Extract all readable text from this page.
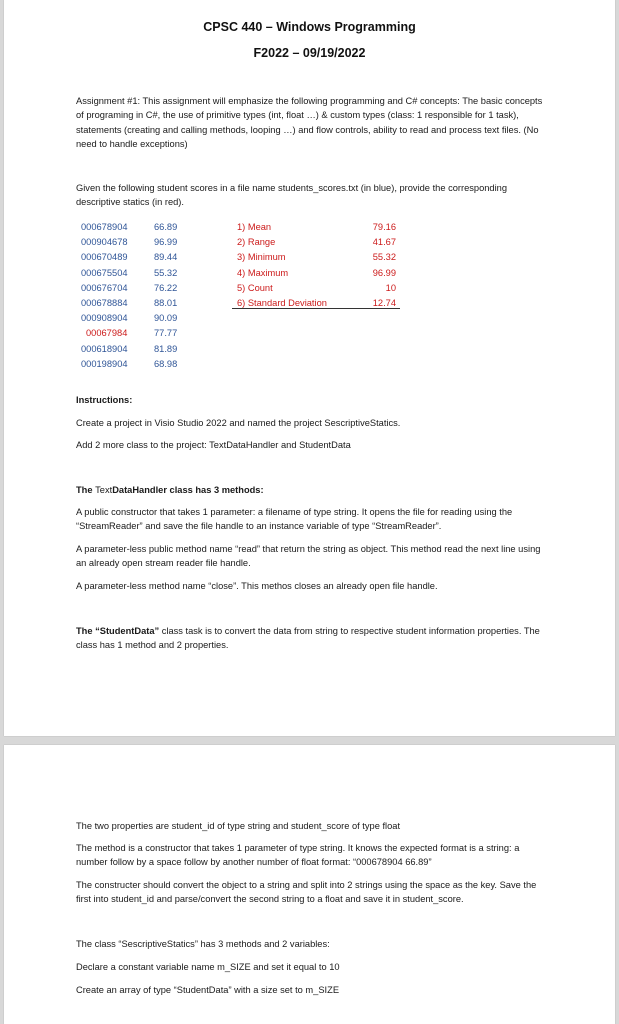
CPSC 440 – Windows Programming
F2022 – 09/19/2022

Assignment #1: This assignment will emphasize the following programming and C# concepts: The basic concepts of programing in C#, the use of primitive types (int, float …) & custom types (class: 1 responsible for 1 task), statements (creating and calling methods, looping …) and flow controls, ability to read and process text files. (No need to handle exceptions)

Given the following student scores in a file name students_scores.txt (in blue), provide the corresponding descriptive statics (in red).

000678904
000904678
000670489
000675504
000676704
000678884
000908904
00067984
000618904
000198904
66.89
96.99
89.44
55.32
76.22
88.01
90.09
77.77
81.89
68.98
1) Mean
2) Range
3) Minimum
4) Maximum
5) Count
6) Standard Deviation
79.16
41.67
55.32
96.99
10
12.74

Instructions:

Create a project in Visio Studio 2022 and named the project SescriptiveStatics.

Add 2 more class to the project: TextDataHandler and StudentData

The TextDataHandler class has 3 methods:

A public constructor that takes 1 parameter: a filename of type string. It opens the file for reading using the “StreamReader” and save the file handle to an instance variable of type “StreamReader”.

A parameter-less public method name “read” that return the string as object. This method read the next line using an already open stream reader file handle.

A parameter-less method name “close”. This methos closes an already open file handle.

The “StudentData” class task is to convert the data from string to respective student information properties. The class has 1 method and 2 properties.

The two properties are student_id of type string and student_score of type float

The method is a constructor that takes 1 parameter of type string. It knows the expected format is a string: a number follow by a space follow by another number of float format: “000678904 66.89”

The constructer should convert the object to a string and split into 2 strings using the space as the key. Save the first into student_id and parse/convert the second string to a float and save it in student_score.

The class “SescriptiveStatics” has 3 methods and 2 variables:

Declare a constant variable name m_SIZE and set it equal to 10

Create an array of type “StudentData” with a size set to m_SIZE
